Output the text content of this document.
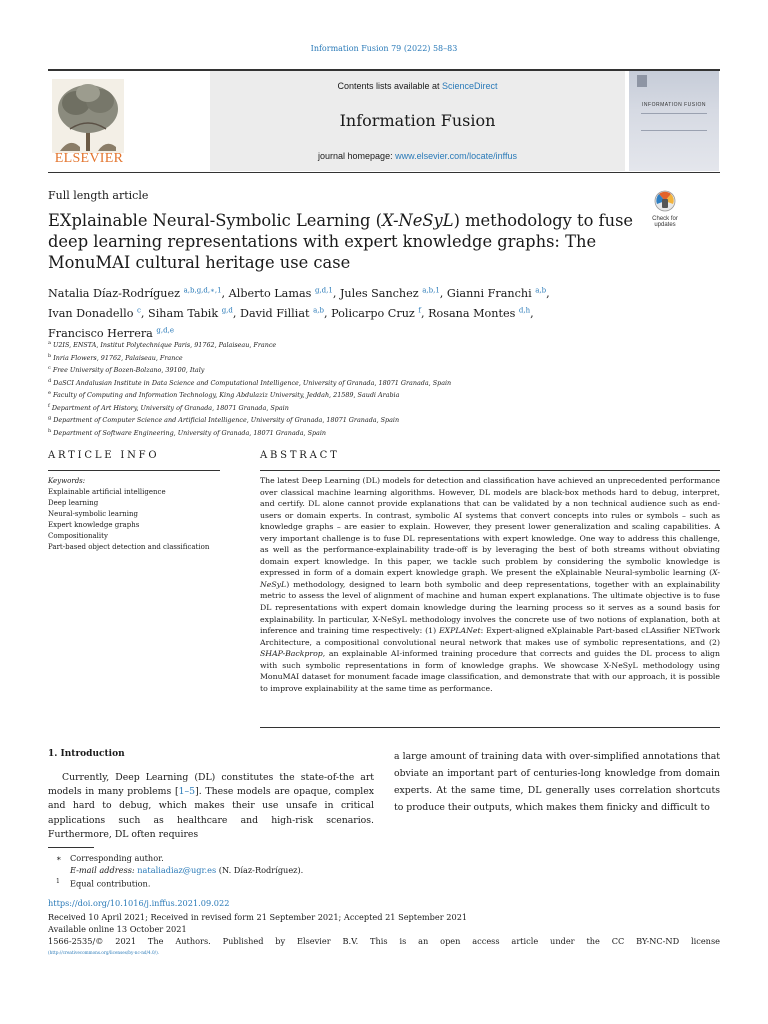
Information Fusion 79 (2022) 58–83
ELSEVIER
Contents lists available at ScienceDirect
Information Fusion
journal homepage: www.elsevier.com/locate/inffus
INFORMATION FUSION
Full length article
Check for updates
EXplainable Neural-Symbolic Learning (X-NeSyL) methodology to fuse deep learning representations with expert knowledge graphs: The MonuMAI cultural heritage use case
Natalia Díaz-Rodríguez $^{a,b,g,d,∗,1}$, Alberto Lamas $^{g,d,1}$, Jules Sanchez $^{a,b,1}$, Gianni Franchi $^{a,b}$,
Ivan Donadello $^c$, Siham Tabik $^{g,d}$, David Filliat $^{a,b}$, Policarpo Cruz $^f$, Rosana Montes $^{d,h}$,
Francisco Herrera $^{g,d,e}$
$^a$ U2IS, ENSTA, Institut Polytechnique Paris, 91762, Palaiseau, France
$^b$ Inria Flowers, 91762, Palaiseau, France
$^c$ Free University of Bozen-Bolzano, 39100, Italy
$^d$ DaSCI Andalusian Institute in Data Science and Computational Intelligence, University of Granada, 18071 Granada, Spain
$^e$ Faculty of Computing and Information Technology, King Abdulaziz University, Jeddah, 21589, Saudi Arabia
$^f$ Department of Art History, University of Granada, 18071 Granada, Spain
$^g$ Department of Computer Science and Artificial Intelligence, University of Granada, 18071 Granada, Spain
$^h$ Department of Software Engineering, University of Granada, 18071 Granada, Spain
ARTICLE INFO
Keywords:
Explainable artificial intelligence
Deep learning
Neural-symbolic learning
Expert knowledge graphs
Compositionality
Part-based object detection and classification
ABSTRACT
The latest Deep Learning (DL) models for detection and classification have achieved an unprecedented performance over classical machine learning algorithms. However, DL models are black-box methods hard to debug, interpret, and certify. DL alone cannot provide explanations that can be validated by a non technical audience such as end-users or domain experts. In contrast, symbolic AI systems that convert concepts into rules or symbols – such as knowledge graphs – are easier to explain. However, they present lower generalization and scaling capabilities. A very important challenge is to fuse DL representations with expert knowledge. One way to address this challenge, as well as the performance-explainability trade-off is by leveraging the best of both streams without obviating domain expert knowledge. In this paper, we tackle such problem by considering the symbolic knowledge is expressed in form of a domain expert knowledge graph. We present the eXplainable Neural-symbolic learning (X-NeSyL) methodology, designed to learn both symbolic and deep representations, together with an explainability metric to assess the level of alignment of machine and human expert explanations. The ultimate objective is to fuse DL representations with expert domain knowledge during the learning process so it serves as a sound basis for explainability. In particular, X-NeSyL methodology involves the concrete use of two notions of explanation, both at inference and training time respectively: (1) EXPLANet: Expert-aligned eXplainable Part-based cLAssifier NETwork Architecture, a compositional convolutional neural network that makes use of symbolic representations, and (2) SHAP-Backprop, an explainable AI-informed training procedure that corrects and guides the DL process to align with such symbolic representations in form of knowledge graphs. We showcase X-NeSyL methodology using MonuMAI dataset for monument facade image classification, and demonstrate that with our approach, it is possible to improve explainability at the same time as performance.
1. Introduction
Currently, Deep Learning (DL) constitutes the state-of-the art models in many problems [1–5]. These models are opaque, complex and hard to debug, which makes their use unsafe in critical applications such as healthcare and high-risk scenarios. Furthermore, DL often requires
a large amount of training data with over-simplified annotations that obviate an important part of centuries-long knowledge from domain experts. At the same time, DL generally uses correlation shortcuts to produce their outputs, which makes them finicky and difficult to
∗ Corresponding author.
E-mail address: nataliadiaz@ugr.es (N. Díaz-Rodríguez).
1 Equal contribution.
https://doi.org/10.1016/j.inffus.2021.09.022
Received 10 April 2021; Received in revised form 21 September 2021; Accepted 21 September 2021
Available online 13 October 2021
1566-2535/© 2021 The Authors. Published by Elsevier B.V. This is an open access article under the CC BY-NC-ND license
(http://creativecommons.org/licenses/by-nc-nd/4.0/).
